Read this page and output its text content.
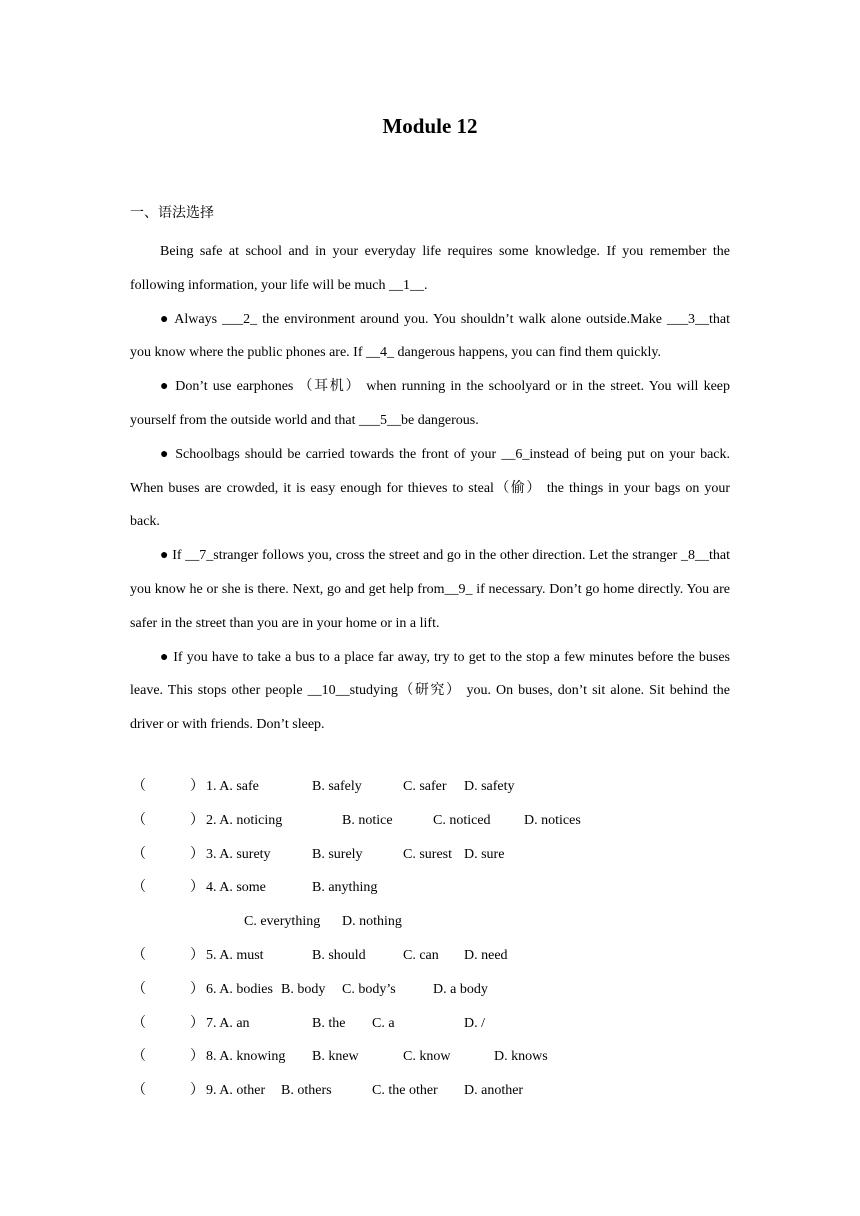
Module 12
一、语法选择

Being safe at school and in your everyday life requires some knowledge. If you remember the following information, your life will be much __1__.

● Always ___2_ the environment around you. You shouldn’t walk alone outside.Make ___3__that you know where the public phones are. If __4_ dangerous happens, you can find them quickly.

● Don’t use earphones （耳机） when running in the schoolyard or in the street. You will keep yourself from the outside world and that ___5__be dangerous.

● Schoolbags should be carried towards the front of your __6_instead of being put on your back. When buses are crowded, it is easy enough for thieves to steal（偷） the things in your bags on your back.

● If __7_stranger follows you, cross the street and go in the other direction. Let the stranger _8__that you know he or she is there. Next, go and get help from__9_ if necessary. Don’t go home directly. You are safer in the street than you are in your home or in a lift.

● If you have to take a bus to a place far away, try to get to the stop a few minutes before the buses leave. This stops other people __10__studying（研究） you. On buses, don’t sit alone. Sit behind the driver or with friends. Don’t sleep.

（	） 1. A. safe	B. safely	C. safer D. safety
（	） 2. A. noticing	B. notice	C. noticed D. notices
（	） 3. A. surety	B. surely	C. surest D. sure
（	） 4. A. some	B. anything
C. everything D. nothing
（	） 5. A. must	B. should	C. can D. need
（	） 6. A. bodies B. body C. body’s	D. a body
（	） 7. A. an	B. the C. a	D. /
（	） 8. A. knowing B. knew	C. know	D. knows
（	） 9. A. other B. others	C. the other D. another
